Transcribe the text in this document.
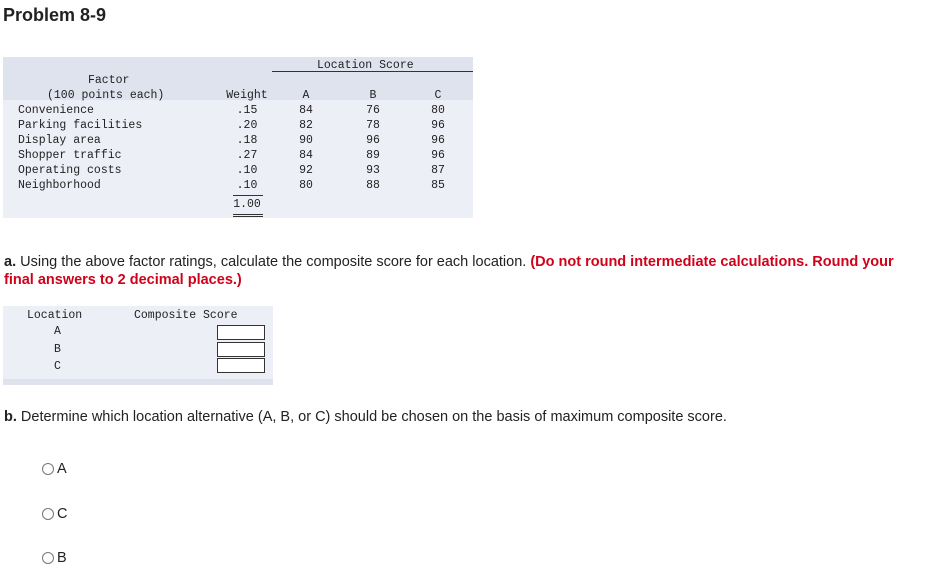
Problem 8-9
Location Score
Factor
(100 points each)	Weight	A	B	C
Convenience	.15	84	76	80
Parking facilities	.20	82	78	96
Display area	.18	90	96	96
Shopper traffic	.27	84	89	96
Operating costs	.10	92	93	87
Neighborhood	.10	80	88	85
1.00
a. Using the above factor ratings, calculate the composite score for each location. (Do not round intermediate calculations. Round your final answers to 2 decimal places.)
Location	Composite Score
A
B
C
b. Determine which location alternative (A, B, or C) should be chosen on the basis of maximum composite score.
A
C
B
